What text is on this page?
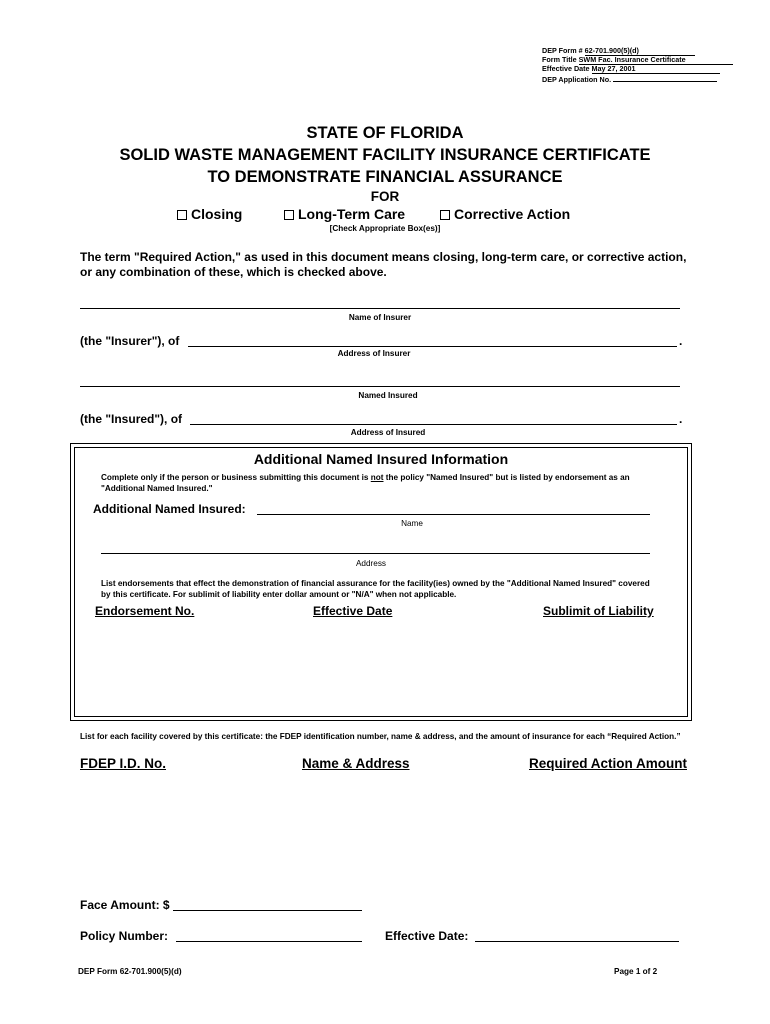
DEP Form # 62-701.900(5)(d)
Form Title SWM Fac. Insurance Certificate
Effective Date May 27, 2001
DEP Application No.
STATE OF FLORIDA
SOLID WASTE MANAGEMENT FACILITY INSURANCE CERTIFICATE
TO DEMONSTRATE FINANCIAL ASSURANCE
FOR
Closing	Long-Term Care	Corrective Action
[Check Appropriate Box(es)]
The term "Required Action," as used in this document means closing, long-term care, or corrective action, or any combination of these, which is checked above.
Name of Insurer
(the "Insurer"), of	.
Address of Insurer
Named Insured
(the "Insured"), of	.
Address of Insured
Additional Named Insured Information
Complete only if the person or business submitting this document is not the policy "Named Insured" but is listed by endorsement as an "Additional Named Insured."
Additional Named Insured:
Name
Address
List endorsements that effect the demonstration of financial assurance for the facility(ies) owned by the "Additional Named Insured" covered by this certificate. For sublimit of liability enter dollar amount or "N/A" when not applicable.
Endorsement No.	Effective Date	Sublimit of Liability
List for each facility covered by this certificate: the FDEP identification number, name & address, and the amount of insurance for each “Required Action.”
FDEP I.D. No.	Name & Address	Required Action Amount
Face Amount: $
Policy Number:	Effective Date:
DEP Form 62-701.900(5)(d)	Page 1 of 2
